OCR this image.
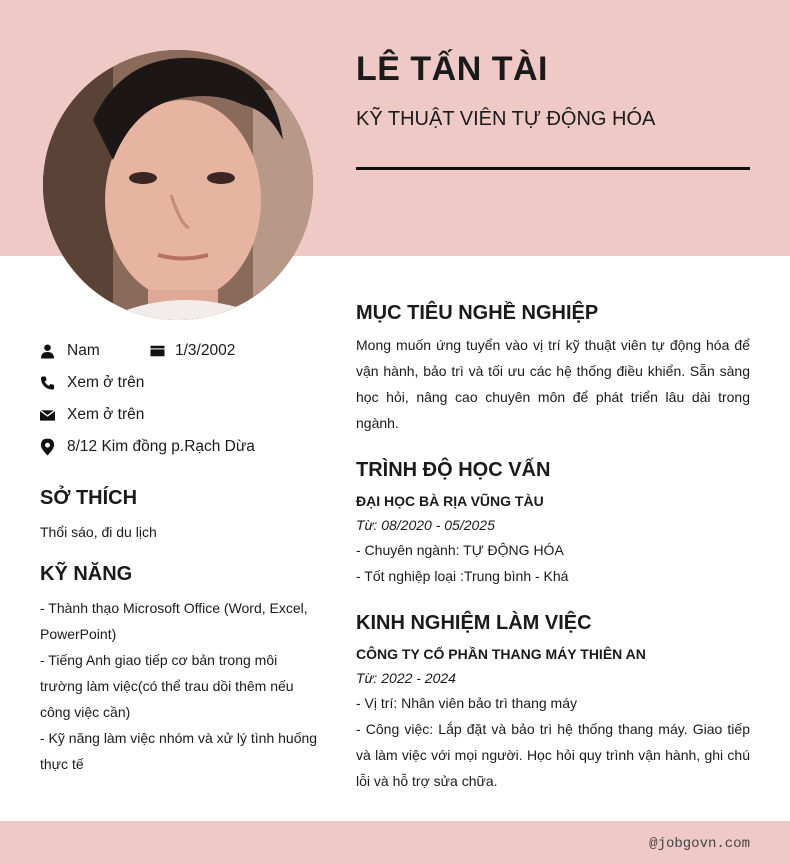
LÊ TẤN TÀI
KỸ THUẬT VIÊN TỰ ĐỘNG HÓA
Nam	1/3/2002
Xem ở trên
Xem ở trên
8/12 Kim đồng p.Rạch Dừa
SỞ THÍCH
Thổi sáo, đi du lịch
KỸ NĂNG
- Thành thạo Microsoft Office (Word, Excel, PowerPoint)
- Tiếng Anh giao tiếp cơ bản trong môi trường làm việc(có thể trau dồi thêm nếu công việc cần)
- Kỹ năng làm việc nhóm và xử lý tình huống thực tế
MỤC TIÊU NGHỀ NGHIỆP
Mong muốn ứng tuyển vào vị trí kỹ thuật viên tự động hóa để vận hành, bảo trì và tối ưu các hệ thống điều khiển. Sẵn sàng học hỏi, nâng cao chuyên môn để phát triển lâu dài trong ngành.
TRÌNH ĐỘ HỌC VẤN
ĐẠI HỌC BÀ RỊA VŨNG TÀU
Từ: 08/2020 - 05/2025
- Chuyên ngành: TỰ ĐỘNG HÓA
- Tốt nghiệp loại :Trung bình - Khá
KINH NGHIỆM LÀM VIỆC
CÔNG TY CỔ PHẦN THANG MÁY THIÊN AN
Từ: 2022 - 2024
- Vị trí: Nhân viên bảo trì thang máy
- Công việc: Lắp đặt và bảo trì hệ thống thang máy. Giao tiếp và làm việc với mọi người. Học hỏi quy trình vận hành, ghi chú lỗi và hỗ trợ sửa chữa.
@jobgovn.com
